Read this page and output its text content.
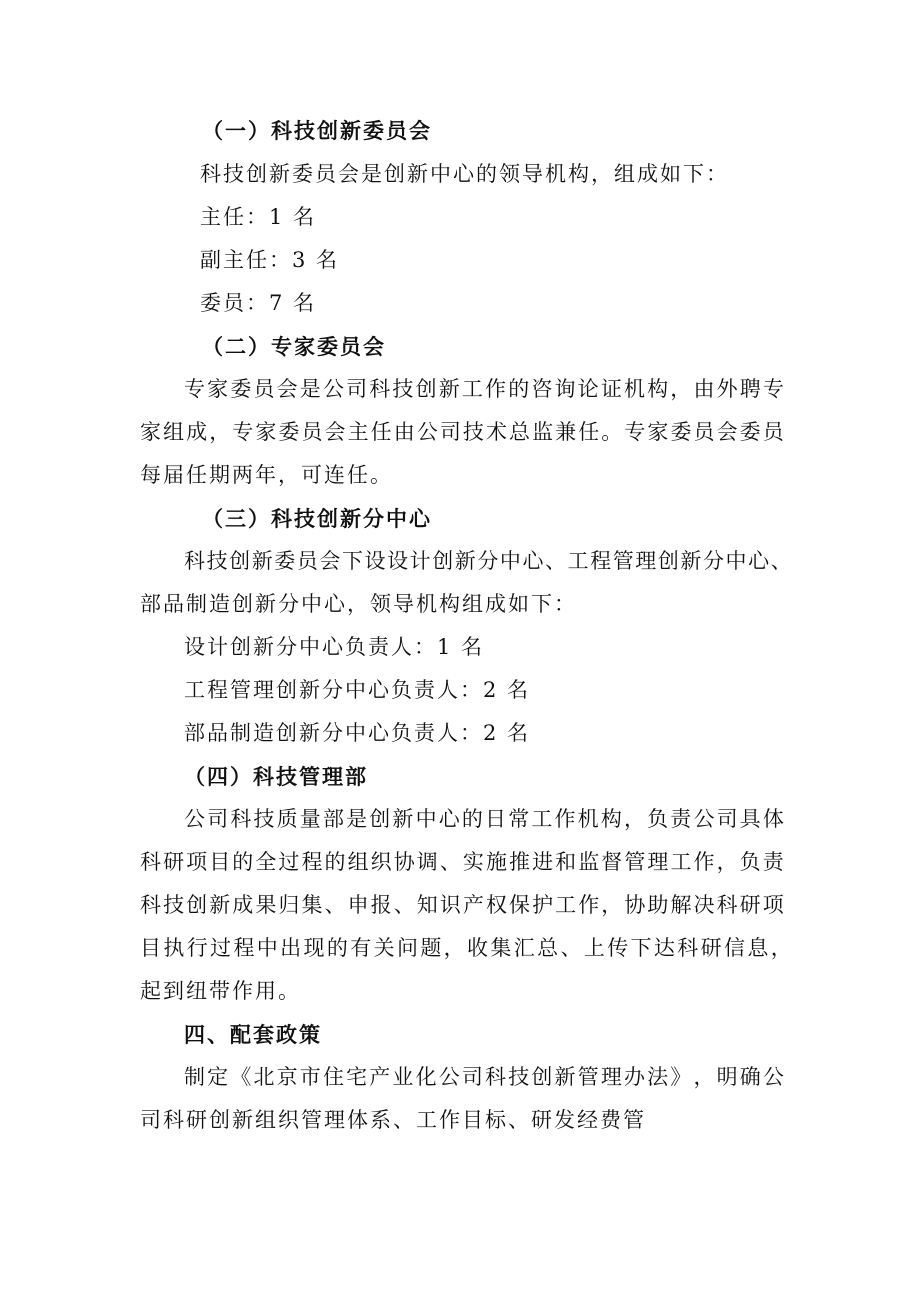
（一）科技创新委员会
科技创新委员会是创新中心的领导机构，组成如下：
主任：1 名
副主任：3 名
委员：7 名
（二）专家委员会
专 家 委 员 会 是 公 司 科 技 创 新 工 作 的 咨 询 论 证 机 构 ， 由 外 聘 专
家 组 成 ， 专 家 委 员 会 主 任 由 公 司 技 术 总 监 兼 任 。 专 家 委 员 会 委 员
每届任期两年，可连任。
（三）科技创新分中心
科 技 创 新 委 员 会 下 设 设 计 创 新 分 中 心 、 工 程 管 理 创 新 分 中 心 、
部品制造创新分中心，领导机构组成如下：
设计创新分中心负责人：1 名
工程管理创新分中心负责人：2 名
部品制造创新分中心负责人：2 名
（四）科技管理部
公 司 科 技 质 量 部 是 创 新 中 心 的 日 常 工 作 机 构 ， 负 责 公 司 具 体
科 研 项 目 的 全 过 程 的 组 织 协 调 、 实 施 推 进 和 监 督 管 理 工 作 ， 负 责
科 技 创 新 成 果 归 集 、 申 报 、 知 识 产 权 保 护 工 作 ， 协 助 解 决 科 研 项
目 执 行 过 程 中 出 现 的 有 关 问 题 ， 收 集 汇 总 、 上 传 下 达 科 研 信 息 ，
起到纽带作用。
四、配套政策
制 定 《 北 京 市 住 宅 产 业 化 公 司 科 技 创 新 管 理 办 法 》 ， 明 确 公
司科研创新组织管理体系、工作目标、研发经费管
